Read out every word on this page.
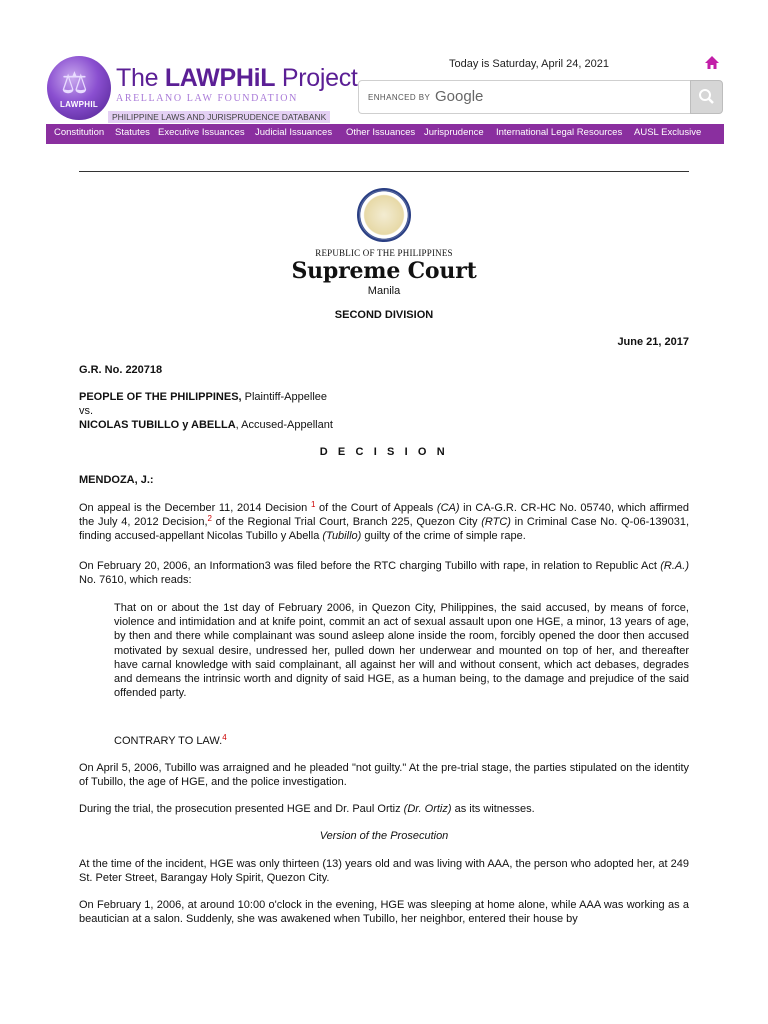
⚖
LAWPHIL
The LAWPHiL Project
ARELLANO LAW FOUNDATION
PHILIPPINE LAWS AND JURISPRUDENCE DATABANK
Today is Saturday, April 24, 2021
ENHANCED BY Google
Constitution Statutes Executive Issuances Judicial Issuances Other Issuances Jurisprudence International Legal Resources AUSL Exclusive
REPUBLIC OF THE PHILIPPINES
Supreme Court
Manila
SECOND DIVISION
June 21, 2017
G.R. No. 220718
PEOPLE OF THE PHILIPPINES, Plaintiff-Appellee
vs.
NICOLAS TUBILLO y ABELLA, Accused-Appellant
D E C I S I O N
MENDOZA, J.:
On appeal is the December 11, 2014 Decision $^1$ of the Court of Appeals (CA) in CA-G.R. CR-HC No. 05740, which affirmed the July 4, 2012 Decision,$^2$ of the Regional Trial Court, Branch 225, Quezon City (RTC) in Criminal Case No. Q-06-139031, finding accused-appellant Nicolas Tubillo y Abella (Tubillo) guilty of the crime of simple rape.
On February 20, 2006, an Information3 was filed before the RTC charging Tubillo with rape, in relation to Republic Act (R.A.) No. 7610, which reads:
That on or about the 1st day of February 2006, in Quezon City, Philippines, the said accused, by means of force, violence and intimidation and at knife point, commit an act of sexual assault upon one HGE, a minor, 13 years of age, by then and there while complainant was sound asleep alone inside the room, forcibly opened the door then accused motivated by sexual desire, undressed her, pulled down her underwear and mounted on top of her, and thereafter have carnal knowledge with said complainant, all against her will and without consent, which act debases, degrades and demeans the intrinsic worth and dignity of said HGE, as a human being, to the damage and prejudice of the said offended party.
CONTRARY TO LAW.$^4$
On April 5, 2006, Tubillo was arraigned and he pleaded "not guilty." At the pre-trial stage, the parties stipulated on the identity of Tubillo, the age of HGE, and the police investigation.
During the trial, the prosecution presented HGE and Dr. Paul Ortiz (Dr. Ortiz) as its witnesses.
Version of the Prosecution
At the time of the incident, HGE was only thirteen (13) years old and was living with AAA, the person who adopted her, at 249 St. Peter Street, Barangay Holy Spirit, Quezon City.
On February 1, 2006, at around 10:00 o'clock in the evening, HGE was sleeping at home alone, while AAA was working as a beautician at a salon. Suddenly, she was awakened when Tubillo, her neighbor, entered their house by
